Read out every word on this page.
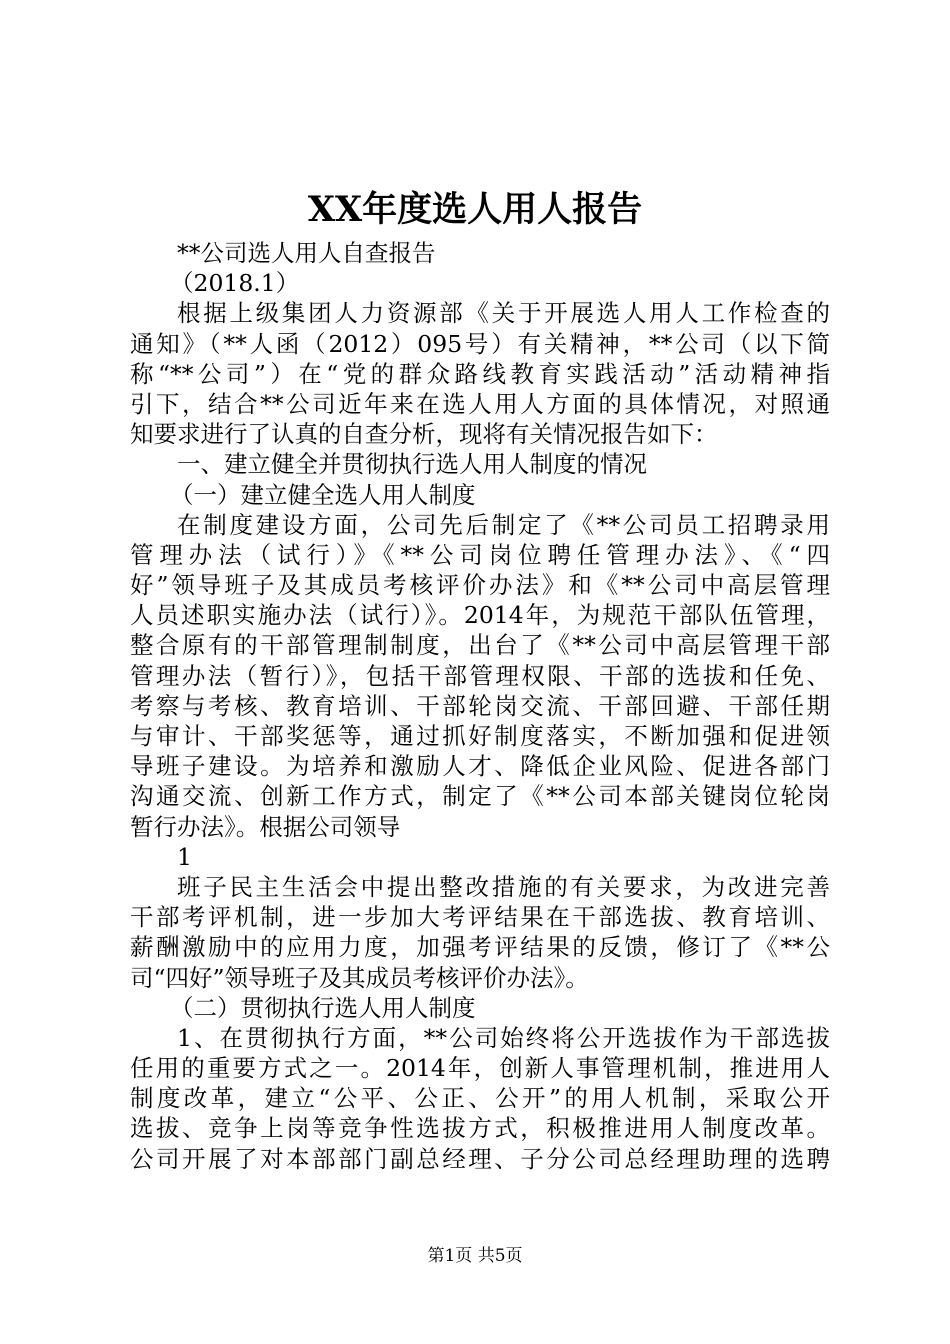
XX年度选人用人报告
**公司选人用人自查报告
（2018.1）
根据上级集团人力资源部《关于开展选人用人工作检查的
通知》（**人函（2012）095号）有关精神，**公司（以下简
称“**公司”）在“党的群众路线教育实践活动”活动精神指
引下，结合**公司近年来在选人用人方面的具体情况，对照通
知要求进行了认真的自查分析，现将有关情况报告如下：
一、建立健全并贯彻执行选人用人制度的情况
（一）建立健全选人用人制度
在制度建设方面，公司先后制定了《**公司员工招聘录用
管理办法（试行）》《**公司岗位聘任管理办法》、《“四
好”领导班子及其成员考核评价办法》和《**公司中高层管理
人员述职实施办法（试行）》。2014年，为规范干部队伍管理，
整合原有的干部管理制制度，出台了《**公司中高层管理干部
管理办法（暂行）》，包括干部管理权限、干部的选拔和任免、
考察与考核、教育培训、干部轮岗交流、干部回避、干部任期
与审计、干部奖惩等，通过抓好制度落实，不断加强和促进领
导班子建设。为培养和激励人才、降低企业风险、促进各部门
沟通交流、创新工作方式，制定了《**公司本部关键岗位轮岗
暂行办法》。根据公司领导
1
班子民主生活会中提出整改措施的有关要求，为改进完善
干部考评机制，进一步加大考评结果在干部选拔、教育培训、
薪酬激励中的应用力度，加强考评结果的反馈，修订了《**公
司“四好”领导班子及其成员考核评价办法》。
（二）贯彻执行选人用人制度
1、在贯彻执行方面，**公司始终将公开选拔作为干部选拔
任用的重要方式之一。2014年，创新人事管理机制，推进用人
制度改革，建立“公平、公正、公开”的用人机制，采取公开
选拔、竞争上岗等竞争性选拔方式，积极推进用人制度改革。
公司开展了对本部部门副总经理、子分公司总经理助理的选聘
第1页 共5页
